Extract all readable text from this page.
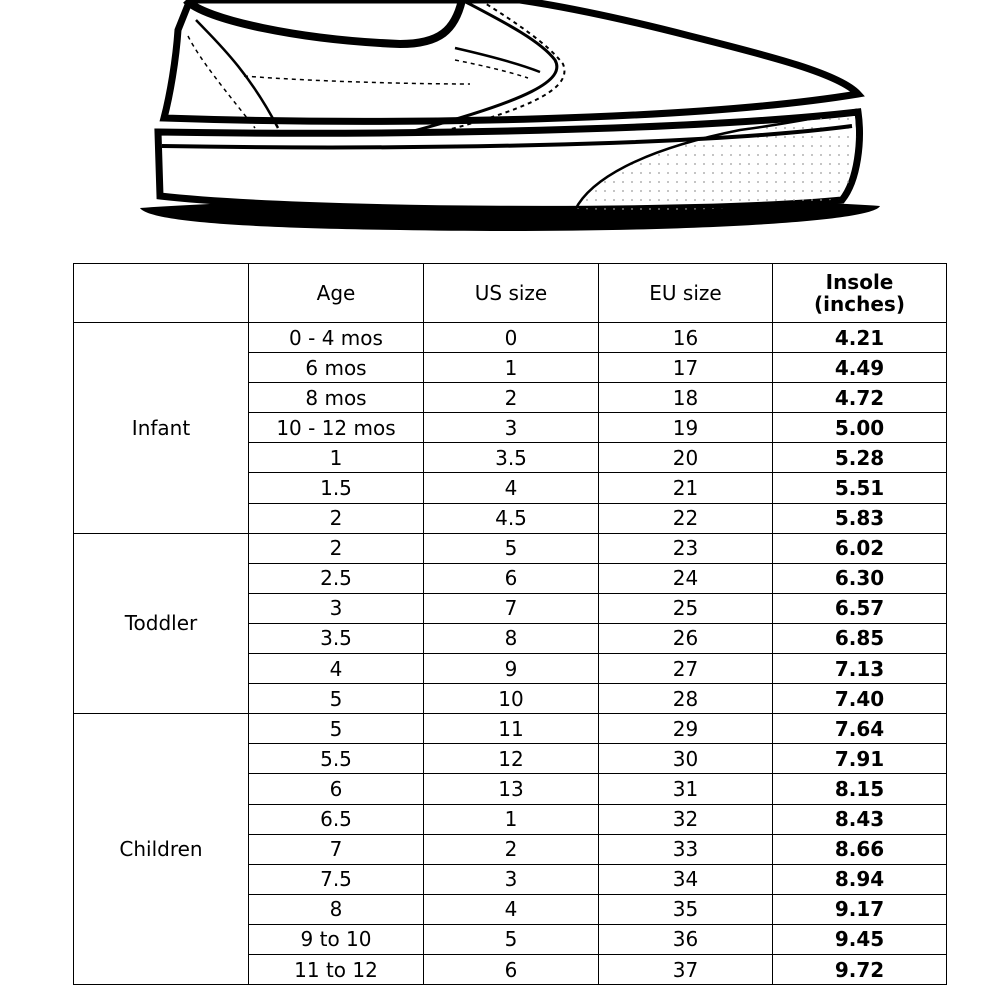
	Age	US size	EU size	Insole
(inches)
Infant	0 - 4 mos	0	16	4.21
	6 mos	1	17	4.49
	8 mos	2	18	4.72
	10 - 12 mos	3	19	5.00
	1	3.5	20	5.28
	1.5	4	21	5.51
	2	4.5	22	5.83
Toddler	2	5	23	6.02
	2.5	6	24	6.30
	3	7	25	6.57
	3.5	8	26	6.85
	4	9	27	7.13
	5	10	28	7.40
Children	5	11	29	7.64
	5.5	12	30	7.91
	6	13	31	8.15
	6.5	1	32	8.43
	7	2	33	8.66
	7.5	3	34	8.94
	8	4	35	9.17
	9 to 10	5	36	9.45
	11 to 12	6	37	9.72
